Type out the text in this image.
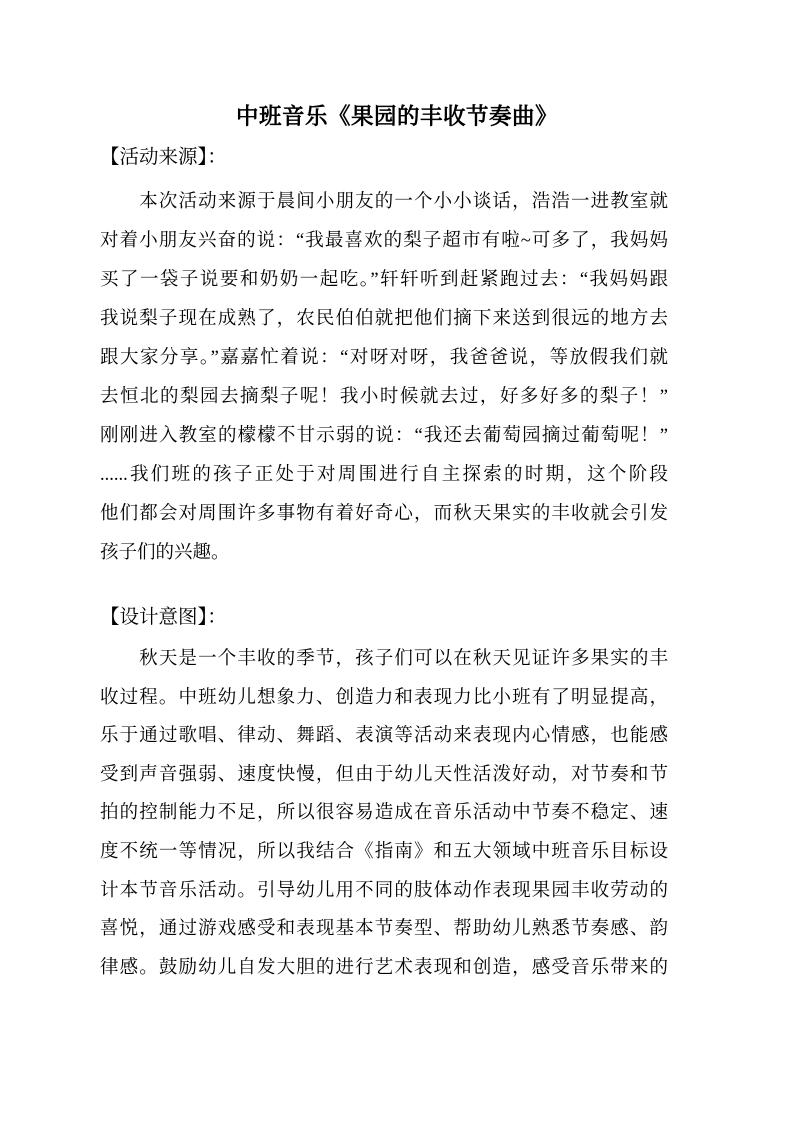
中班音乐《果园的丰收节奏曲》
【活动来源】：
　　本次活动来源于晨间小朋友的一个小小谈话，浩浩一进教室就
对着小朋友兴奋的说：“我最喜欢的梨子超市有啦~可多了，我妈妈
买了一袋子说要和奶奶一起吃。”轩轩听到赶紧跑过去：“我妈妈跟
我说梨子现在成熟了，农民伯伯就把他们摘下来送到很远的地方去
跟大家分享。”嘉嘉忙着说：“对呀对呀，我爸爸说，等放假我们就
去恒北的梨园去摘梨子呢！我小时候就去过，好多好多的梨子！”
刚刚进入教室的檬檬不甘示弱的说：“我还去葡萄园摘过葡萄呢！”
......我们班的孩子正处于对周围进行自主探索的时期，这个阶段
他们都会对周围许多事物有着好奇心，而秋天果实的丰收就会引发
孩子们的兴趣。
【设计意图】：
　　秋天是一个丰收的季节，孩子们可以在秋天见证许多果实的丰
收过程。中班幼儿想象力、创造力和表现力比小班有了明显提高，
乐于通过歌唱、律动、舞蹈、表演等活动来表现内心情感，也能感
受到声音强弱、速度快慢，但由于幼儿天性活泼好动，对节奏和节
拍的控制能力不足，所以很容易造成在音乐活动中节奏不稳定、速
度不统一等情况，所以我结合《指南》和五大领域中班音乐目标设
计本节音乐活动。引导幼儿用不同的肢体动作表现果园丰收劳动的
喜悦，通过游戏感受和表现基本节奏型、帮助幼儿熟悉节奏感、韵
律感。鼓励幼儿自发大胆的进行艺术表现和创造，感受音乐带来的
